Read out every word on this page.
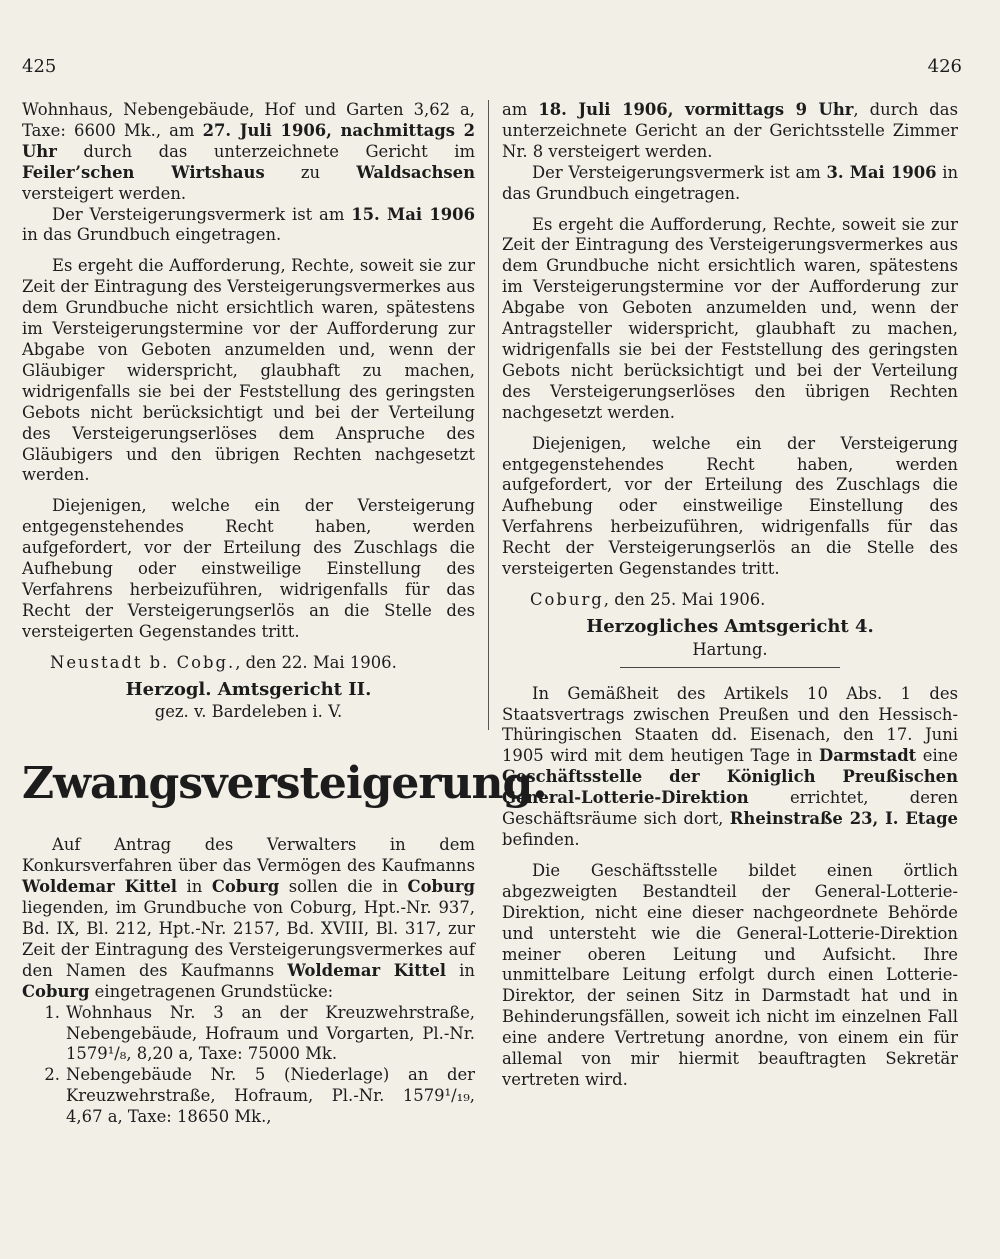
425	426

Wohnhaus, Nebengebäude, Hof und Garten 3,62 a, Taxe: 6600 Mk., am 27. Juli 1906, nachmittags 2 Uhr durch das unterzeichnete Gericht im Feiler’schen Wirtshaus zu Waldsachsen versteigert werden.

Der Versteigerungsvermerk ist am 15. Mai 1906 in das Grundbuch eingetragen.

Es ergeht die Aufforderung, Rechte, soweit sie zur Zeit der Eintragung des Versteigerungsvermerkes aus dem Grundbuche nicht ersichtlich waren, spätestens im Versteigerungstermine vor der Aufforderung zur Abgabe von Geboten anzumelden und, wenn der Gläubiger widerspricht, glaubhaft zu machen, widrigenfalls sie bei der Feststellung des geringsten Gebots nicht berücksichtigt und bei der Verteilung des Versteigerungserlöses dem Anspruche des Gläubigers und den übrigen Rechten nachgesetzt werden.

Diejenigen, welche ein der Versteigerung entgegenstehendes Recht haben, werden aufgefordert, vor der Erteilung des Zuschlags die Aufhebung oder einstweilige Einstellung des Verfahrens herbeizuführen, widrigenfalls für das Recht der Versteigerungserlös an die Stelle des versteigerten Gegenstandes tritt.

Neustadt b. Cobg., den 22. Mai 1906.

Herzogl. Amtsgericht II.

gez. v. Bardeleben i. V.

Zwangsversteigerung.

Auf Antrag des Verwalters in dem Konkursverfahren über das Vermögen des Kaufmanns Woldemar Kittel in Coburg sollen die in Coburg liegenden, im Grundbuche von Coburg, Hpt.-Nr. 937, Bd. IX, Bl. 212, Hpt.-Nr. 2157, Bd. XVIII, Bl. 317, zur Zeit der Eintragung des Versteigerungsvermerkes auf den Namen des Kaufmanns Woldemar Kittel in Coburg eingetragenen Grundstücke:

1. Wohnhaus Nr. 3 an der Kreuzwehrstraße, Nebengebäude, Hofraum und Vorgarten, Pl.-Nr. 1579¹/₈, 8,20 a, Taxe: 75000 Mk.
2. Nebengebäude Nr. 5 (Niederlage) an der Kreuzwehrstraße, Hofraum, Pl.-Nr. 1579¹/₁₉, 4,67 a, Taxe: 18650 Mk.,

am 18. Juli 1906, vormittags 9 Uhr, durch das unterzeichnete Gericht an der Gerichtsstelle Zimmer Nr. 8 versteigert werden.

Der Versteigerungsvermerk ist am 3. Mai 1906 in das Grundbuch eingetragen.

Es ergeht die Aufforderung, Rechte, soweit sie zur Zeit der Eintragung des Versteigerungsvermerkes aus dem Grundbuche nicht ersichtlich waren, spätestens im Versteigerungstermine vor der Aufforderung zur Abgabe von Geboten anzumelden und, wenn der Antragsteller widerspricht, glaubhaft zu machen, widrigenfalls sie bei der Feststellung des geringsten Gebots nicht berücksichtigt und bei der Verteilung des Versteigerungserlöses den übrigen Rechten nachgesetzt werden.

Diejenigen, welche ein der Versteigerung entgegenstehendes Recht haben, werden aufgefordert, vor der Erteilung des Zuschlags die Aufhebung oder einstweilige Einstellung des Verfahrens herbeizuführen, widrigenfalls für das Recht der Versteigerungserlös an die Stelle des versteigerten Gegenstandes tritt.

Coburg, den 25. Mai 1906.

Herzogliches Amtsgericht 4.

Hartung.

In Gemäßheit des Artikels 10 Abs. 1 des Staatsvertrags zwischen Preußen und den Hessisch-Thüringischen Staaten dd. Eisenach, den 17. Juni 1905 wird mit dem heutigen Tage in Darmstadt eine Geschäftsstelle der Königlich Preußischen General-Lotterie-Direktion errichtet, deren Geschäftsräume sich dort, Rheinstraße 23, I. Etage befinden.

Die Geschäftsstelle bildet einen örtlich abgezweigten Bestandteil der General-Lotterie-Direktion, nicht eine dieser nachgeordnete Behörde und untersteht wie die General-Lotterie-Direktion meiner oberen Leitung und Aufsicht. Ihre unmittelbare Leitung erfolgt durch einen Lotterie-Direktor, der seinen Sitz in Darmstadt hat und in Behinderungsfällen, soweit ich nicht im einzelnen Fall eine andere Vertretung anordne, von einem ein für allemal von mir hiermit beauftragten Sekretär vertreten wird.
